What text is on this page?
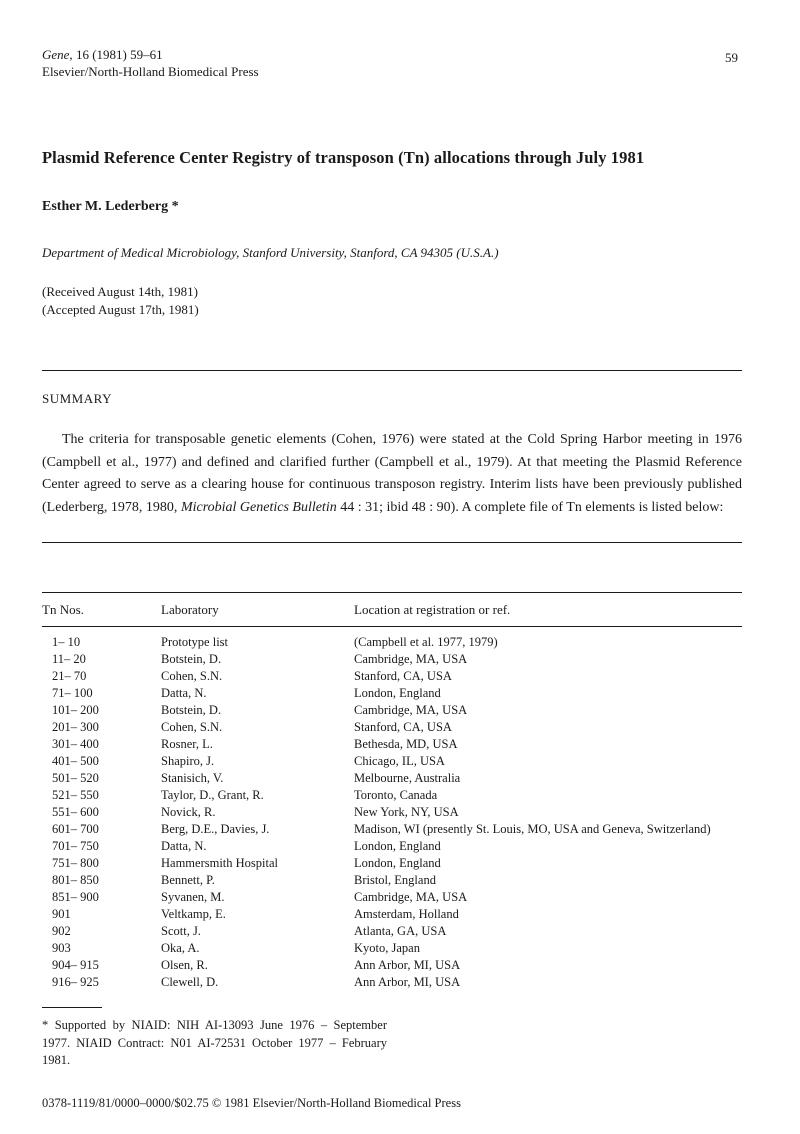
Gene, 16 (1981) 59–61
Elsevier/North-Holland Biomedical Press
59
Plasmid Reference Center Registry of transposon (Tn) allocations through July 1981
Esther M. Lederberg *
Department of Medical Microbiology, Stanford University, Stanford, CA 94305 (U.S.A.)
(Received August 14th, 1981)
(Accepted August 17th, 1981)
SUMMARY

The criteria for transposable genetic elements (Cohen, 1976) were stated at the Cold Spring Harbor meeting in 1976 (Campbell et al., 1977) and defined and clarified further (Campbell et al., 1979). At that meeting the Plasmid Reference Center agreed to serve as a clearing house for continuous transposon registry. Interim lists have been previously published (Lederberg, 1978, 1980, Microbial Genetics Bulletin 44 : 31; ibid 48 : 90). A complete file of Tn elements is listed below:

Tn Nos.	Laboratory	Location at registration or ref.
1– 10	Prototype list	(Campbell et al. 1977, 1979)
11– 20	Botstein, D.	Cambridge, MA, USA
21– 70	Cohen, S.N.	Stanford, CA, USA
71– 100	Datta, N.	London, England
101– 200	Botstein, D.	Cambridge, MA, USA
201– 300	Cohen, S.N.	Stanford, CA, USA
301– 400	Rosner, L.	Bethesda, MD, USA
401– 500	Shapiro, J.	Chicago, IL, USA
501– 520	Stanisich, V.	Melbourne, Australia
521– 550	Taylor, D., Grant, R.	Toronto, Canada
551– 600	Novick, R.	New York, NY, USA
601– 700	Berg, D.E., Davies, J.	Madison, WI (presently St. Louis, MO, USA and Geneva, Switzerland)
701– 750	Datta, N.	London, England
751– 800	Hammersmith Hospital	London, England
801– 850	Bennett, P.	Bristol, England
851– 900	Syvanen, M.	Cambridge, MA, USA
901	Veltkamp, E.	Amsterdam, Holland
902	Scott, J.	Atlanta, GA, USA
903	Oka, A.	Kyoto, Japan
904– 915	Olsen, R.	Ann Arbor, MI, USA
916– 925	Clewell, D.	Ann Arbor, MI, USA

* Supported by NIAID: NIH AI-13093 June 1976 – September 1977. NIAID Contract: N01 AI-72531 October 1977 – February 1981.

0378-1119/81/0000–0000/$02.75 © 1981 Elsevier/North-Holland Biomedical Press
